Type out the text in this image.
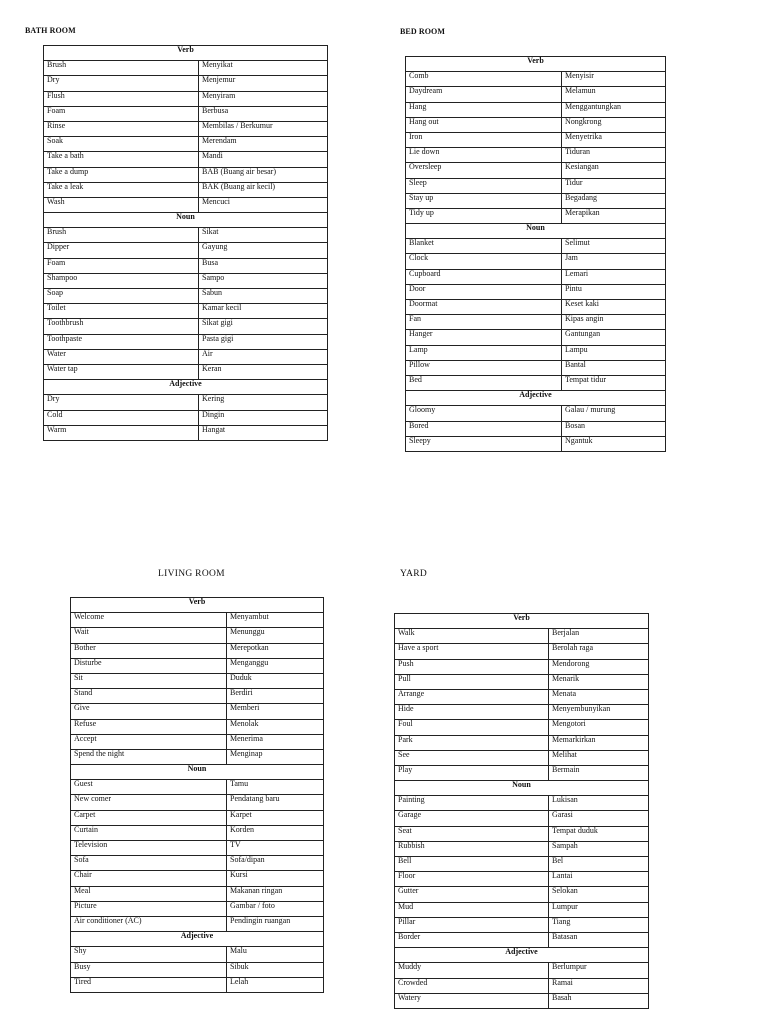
BATH ROOM
Verb	
Brush	Menyikat
Dry	Menjemur
Flush	Menyiram
Foam	Berbusa
Rinse	Membilas / Berkumur
Soak	Merendam
Take a bath	Mandi
Take a dump	BAB (Buang air besar)
Take a leak	BAK (Buang air kecil)
Wash	Mencuci
Noun	
Brush	Sikat
Dipper	Gayung
Foam	Busa
Shampoo	Sampo
Soap	Sabun
Toilet	Kamar kecil
Toothbrush	Sikat gigi
Toothpaste	Pasta gigi
Water	Air
Water tap	Keran
Adjective	
Dry	Kering
Cold	Dingin
Warm	Hangat
BED ROOM
Verb	
Comb	Menyisir
Daydream	Melamun
Hang	Menggantungkan
Hang out	Nongkrong
Iron	Menyetrika
Lie down	Tiduran
Oversleep	Kesiangan
Sleep	Tidur
Stay up	Begadang
Tidy up	Merapikan
Noun	
Blanket	Selimut
Clock	Jam
Cupboard	Lemari
Door	Pintu
Doormat	Keset kaki
Fan	Kipas angin
Hanger	Gantungan
Lamp	Lampu
Pillow	Bantal
Bed	Tempat tidur
Adjective	
Gloomy	Galau / murung
Bored	Bosan
Sleepy	Ngantuk
LIVING ROOM
Verb	
Welcome	Menyambut
Wait	Menunggu
Bother	Merepotkan
Disturbe	Menganggu
Sit	Duduk
Stand	Berdiri
Give	Memberi
Refuse	Menolak
Accept	Menerima
Spend the night	Menginap
Noun	
Guest	Tamu
New comer	Pendatang baru
Carpet	Karpet
Curtain	Korden
Television	TV
Sofa	Sofa/dipan
Chair	Kursi
Meal	Makanan ringan
Picture	Gambar / foto
Air conditioner (AC)	Pendingin ruangan
Adjective	
Shy	Malu
Busy	Sibuk
Tired	Lelah
YARD
Verb	
Walk	Berjalan
Have a sport	Berolah raga
Push	Mendorong
Pull	Menarik
Arrange	Menata
Hide	Menyembunyikan
Foul	Mengotori
Park	Memarkirkan
See	Melihat
Play	Bermain
Noun	
Painting	Lukisan
Garage	Garasi
Seat	Tempat duduk
Rubbish	Sampah
Bell	Bel
Floor	Lantai
Gutter	Selokan
Mud	Lumpur
Pillar	Tiang
Border	Batasan
Adjective	
Muddy	Berlumpur
Crowded	Ramai
Watery	Basah
